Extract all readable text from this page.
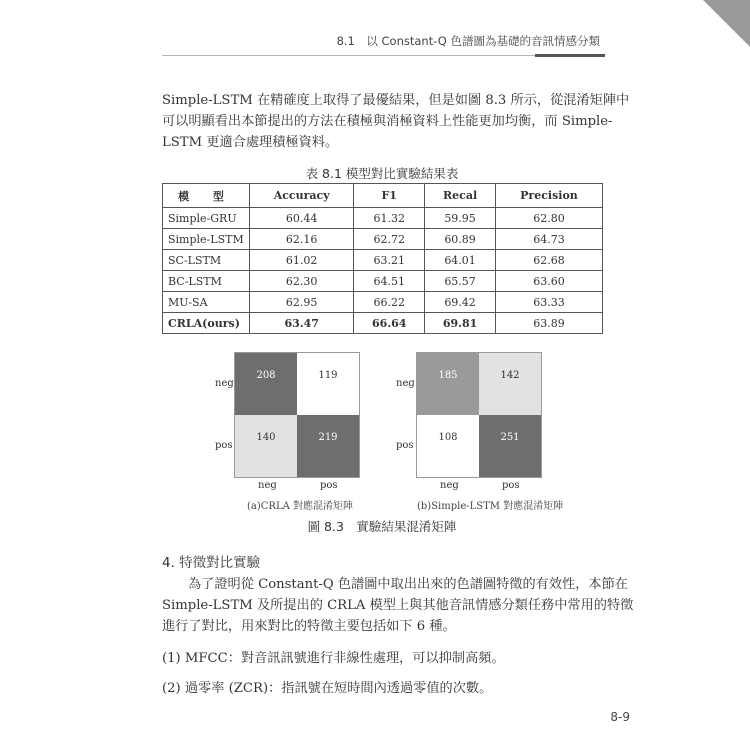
8.1　以 Constant-Q 色譜圖為基礎的音訊情感分類
Simple-LSTM 在精確度上取得了最優結果，但是如圖 8.3 所示，從混淆矩陣中
可以明顯看出本節提出的方法在積極與消極資料上性能更加均衡，而 Simple-
LSTM 更適合處理積極資料。
表 8.1 模型對比實驗結果表
模 型	Accuracy	F1	Recal	Precision
Simple-GRU	60.44	61.32	59.95	62.80
Simple-LSTM	62.16	62.72	60.89	64.73
SC-LSTM	61.02	63.21	64.01	62.68
BC-LSTM	62.30	64.51	65.57	63.60
MU-SA	62.95	66.22	69.42	63.33
CRLA(ours)	63.47	66.64	69.81	63.89
neg
pos
208	119
140	219
neg	pos
(a)CRLA 對應混淆矩陣
neg
pos
185	142
108	251
neg	pos
(b)Simple-LSTM 對應混淆矩陣
圖 8.3　實驗結果混淆矩陣
4. 特徵對比實驗
為了證明從 Constant-Q 色譜圖中取出出來的色譜圖特徵的有效性，本節在
Simple-LSTM 及所提出的 CRLA 模型上與其他音訊情感分類任務中常用的特徵
進行了對比，用來對比的特徵主要包括如下 6 種。
(1) MFCC：對音訊訊號進行非線性處理，可以抑制高頻。
(2) 過零率 (ZCR)：指訊號在短時間內透過零值的次數。
8-9
